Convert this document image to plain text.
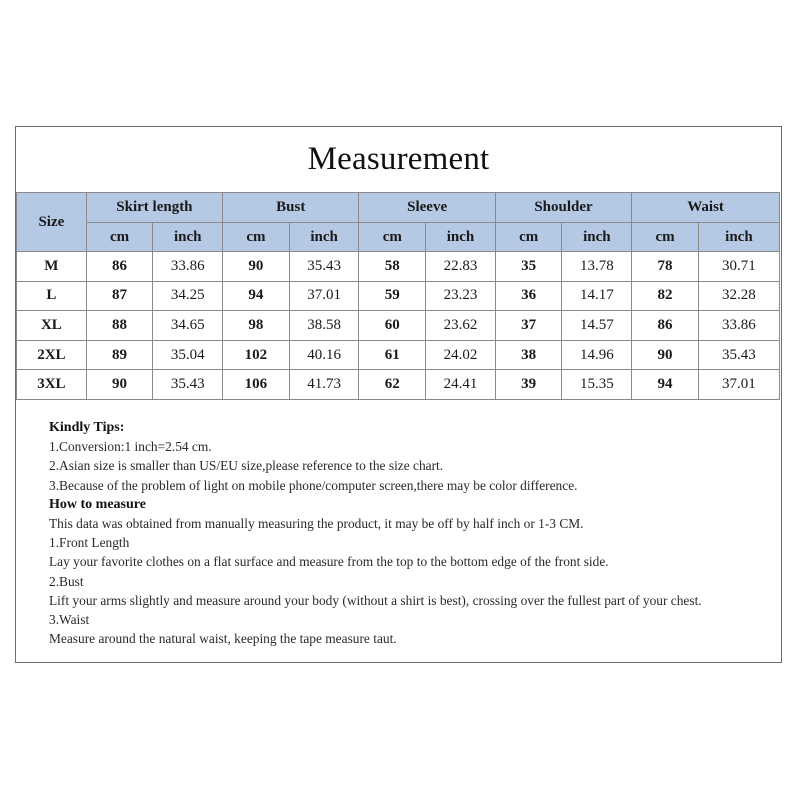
Measurement
Size	Skirt length		Bust		Sleeve		Shoulder		Waist	
	cm	inch	cm	inch	cm	inch	cm	inch	cm	inch
M	86	33.86	90	35.43	58	22.83	35	13.78	78	30.71
L	87	34.25	94	37.01	59	23.23	36	14.17	82	32.28
XL	88	34.65	98	38.58	60	23.62	37	14.57	86	33.86
2XL	89	35.04	102	40.16	61	24.02	38	14.96	90	35.43
3XL	90	35.43	106	41.73	62	24.41	39	15.35	94	37.01
Kindly Tips:
1.Conversion:1 inch=2.54 cm.
2.Asian size is smaller than US/EU size,please reference to the size chart.
3.Because of the problem of light on mobile phone/computer screen,there may be color difference.
How to measure
This data was obtained from manually measuring the product, it may be off by half inch or 1-3 CM.
1.Front Length
Lay your favorite clothes on a flat surface and measure from the top to the bottom edge of the front side.
2.Bust
Lift your arms slightly and measure around your body (without a shirt is best), crossing over the fullest part of your chest.
3.Waist
Measure around the natural waist, keeping the tape measure taut.
